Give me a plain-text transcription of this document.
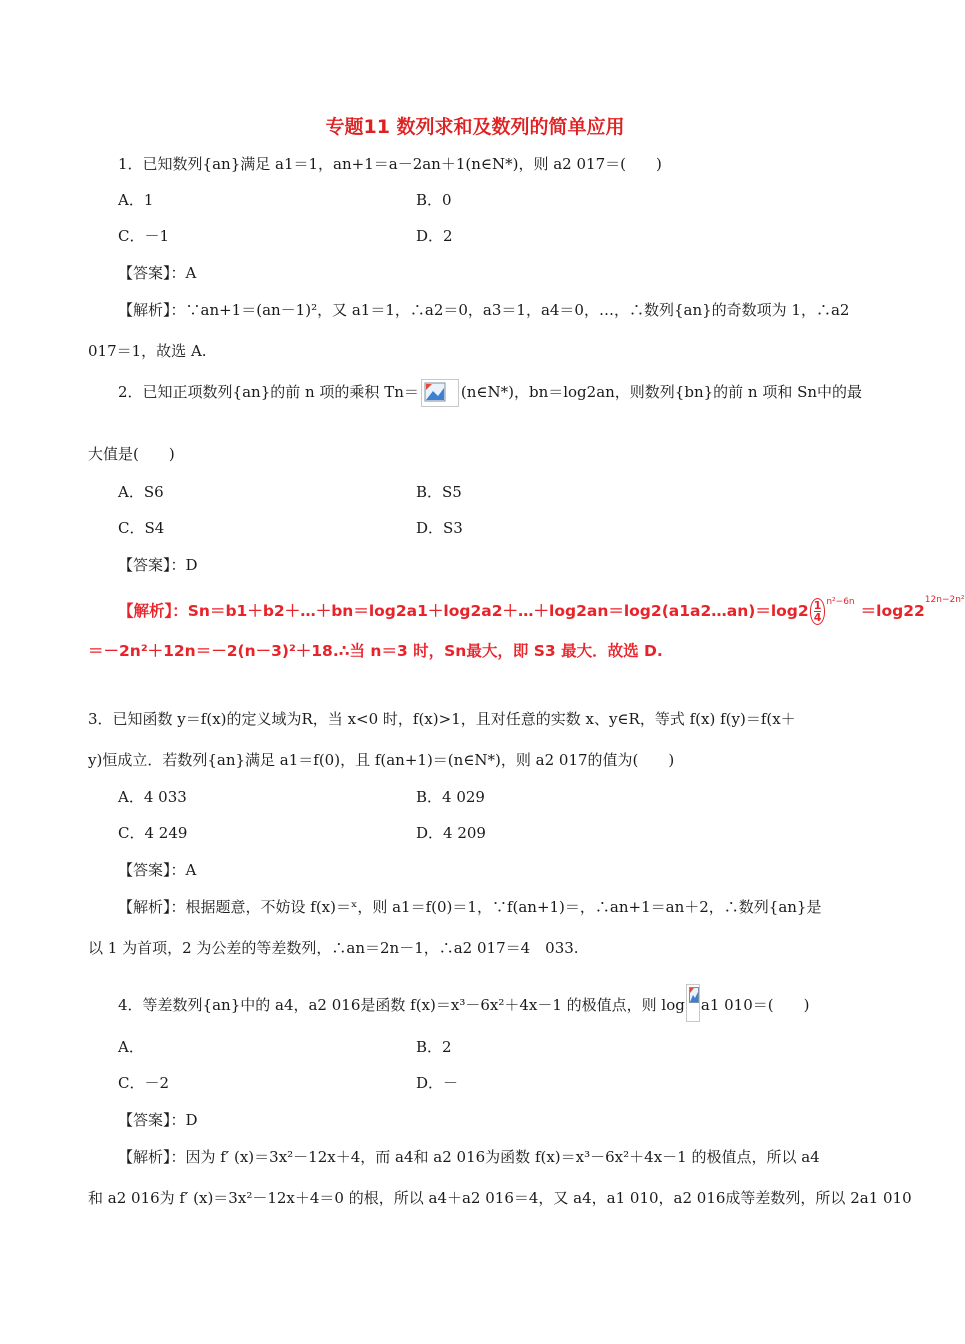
专题11 数列求和及数列的简单应用
1．已知数列{an}满足 a1＝1，an+1＝a－2an＋1(n∈N*)，则 a2 017＝(　　)
A．1	B．0
C．－1	D．2
【答案】：A
【解析】：∵an+1＝(an－1)²，又 a1＝1，∴a2＝0，a3＝1，a4＝0，…，∴数列{an}的奇数项为 1，∴a2
017＝1，故选 A.
2．已知正项数列{an}的前 n 项的乘积 Tn＝	(n∈N*)，bn＝log2an，则数列{bn}的前 n 项和 Sn中的最
大值是(　　)
A．S6	B．S5
C．S4	D．S3
【答案】：D
【解析】：Sn＝b1＋b2＋…＋bn＝log2a1＋log2a2＋…＋log2an＝log2(a1a2…an)＝log2 $\frac{1}{4} ^{n^2-6n} =\log 22^{12n-2n^2}$
＝－2n²＋12n＝－2(n－3)²＋18.∴当 n＝3 时，Sn最大，即 S3 最大．故选 D.
3．已知函数 y＝f(x)的定义域为R，当 x<0 时，f(x)>1，且对任意的实数 x、y∈R，等式 f(x) f(y)＝f(x＋
y)恒成立．若数列{an}满足 a1＝f(0)，且 f(an+1)＝(n∈N*)，则 a2 017的值为(　　)
A．4 033	B．4 029
C．4 249	D．4 209
【答案】：A
【解析】：根据题意，不妨设 f(x)＝ˣ，则 a1＝f(0)＝1，∵f(an+1)＝，∴an+1＝an＋2，∴数列{an}是
以 1 为首项，2 为公差的等差数列，∴an＝2n－1，∴a2 017＝4　033.
4．等差数列{an}中的 a4，a2 016是函数 f(x)＝x³－6x²＋4x－1 的极值点，则 log a1 010＝(　　)
A．	B．2
C．－2	D．－
【答案】：D
【解析】：因为 f′ (x)＝3x²－12x＋4，而 a4和 a2 016为函数 f(x)＝x³－6x²＋4x－1 的极值点，所以 a4
和 a2 016为 f′ (x)＝3x²－12x＋4＝0 的根，所以 a4＋a2 016＝4，又 a4，a1 010，a2 016成等差数列，所以 2a1 010
